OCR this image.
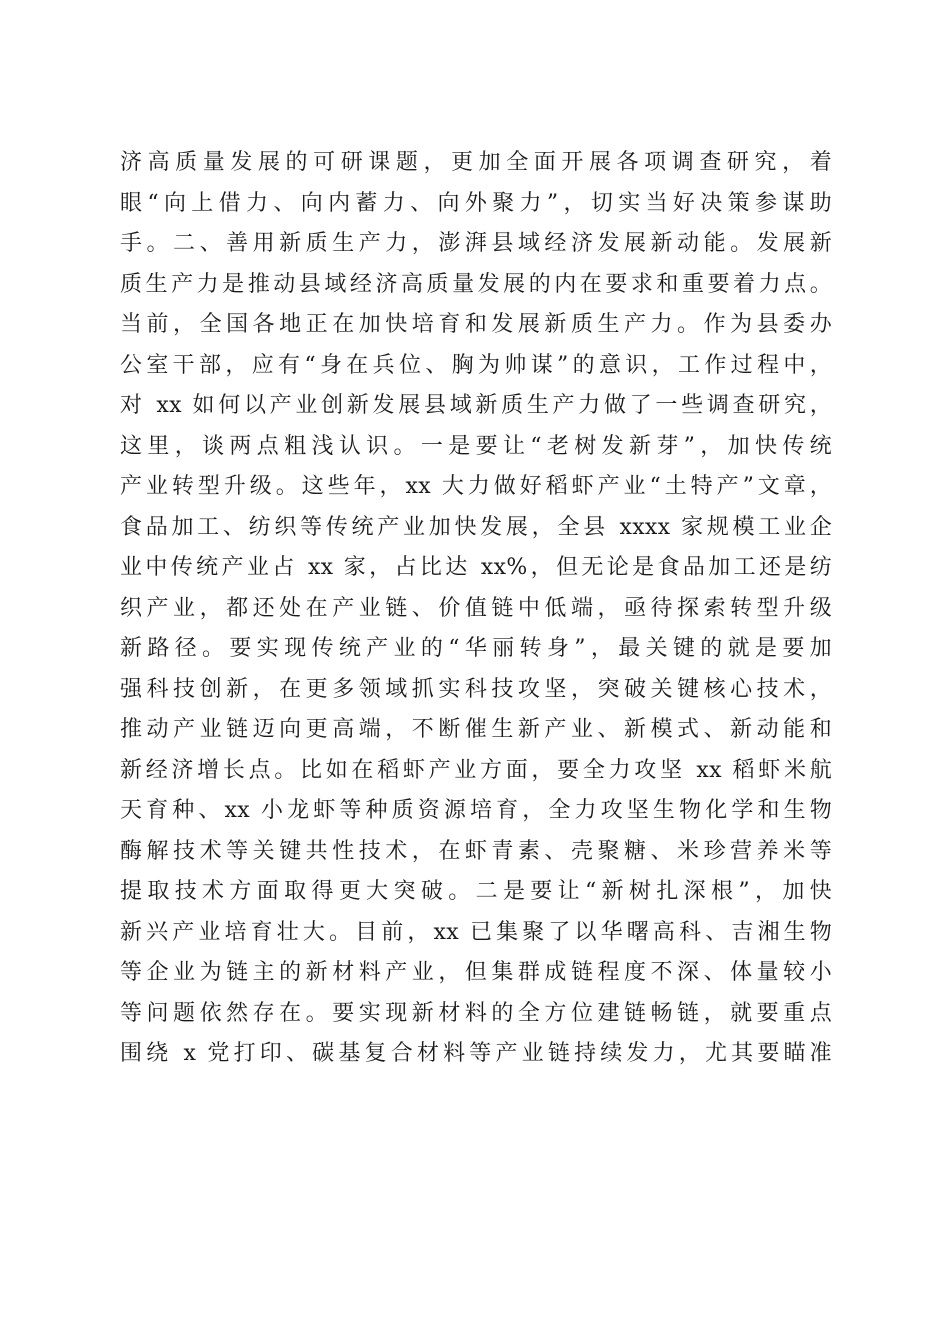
济高质量发展的可研课题，更加全面开展各项调查研究，着
眼“向上借力、向内蓄力、向外聚力”，切实当好决策参谋助
手。二、善用新质生产力，澎湃县域经济发展新动能。发展新
质生产力是推动县域经济高质量发展的内在要求和重要着力点。
当前，全国各地正在加快培育和发展新质生产力。作为县委办
公室干部，应有“身在兵位、胸为帅谋”的意识，工作过程中，
对 xx 如何以产业创新发展县域新质生产力做了一些调查研究，
这里，谈两点粗浅认识。一是要让“老树发新芽”，加快传统
产业转型升级。这些年，xx 大力做好稻虾产业“土特产”文章，
食品加工、纺织等传统产业加快发展，全县 xxxx 家规模工业企
业中传统产业占 xx 家，占比达 xx%，但无论是食品加工还是纺
织产业，都还处在产业链、价值链中低端，亟待探索转型升级
新路径。要实现传统产业的“华丽转身”，最关键的就是要加
强科技创新，在更多领域抓实科技攻坚，突破关键核心技术，
推动产业链迈向更高端，不断催生新产业、新模式、新动能和
新经济增长点。比如在稻虾产业方面，要全力攻坚 xx 稻虾米航
天育种、xx 小龙虾等种质资源培育，全力攻坚生物化学和生物
酶解技术等关键共性技术，在虾青素、壳聚糖、米珍营养米等
提取技术方面取得更大突破。二是要让“新树扎深根”，加快
新兴产业培育壮大。目前，xx 已集聚了以华曙高科、吉湘生物
等企业为链主的新材料产业，但集群成链程度不深、体量较小
等问题依然存在。要实现新材料的全方位建链畅链，就要重点
围绕 x 党打印、碳基复合材料等产业链持续发力，尤其要瞄准
